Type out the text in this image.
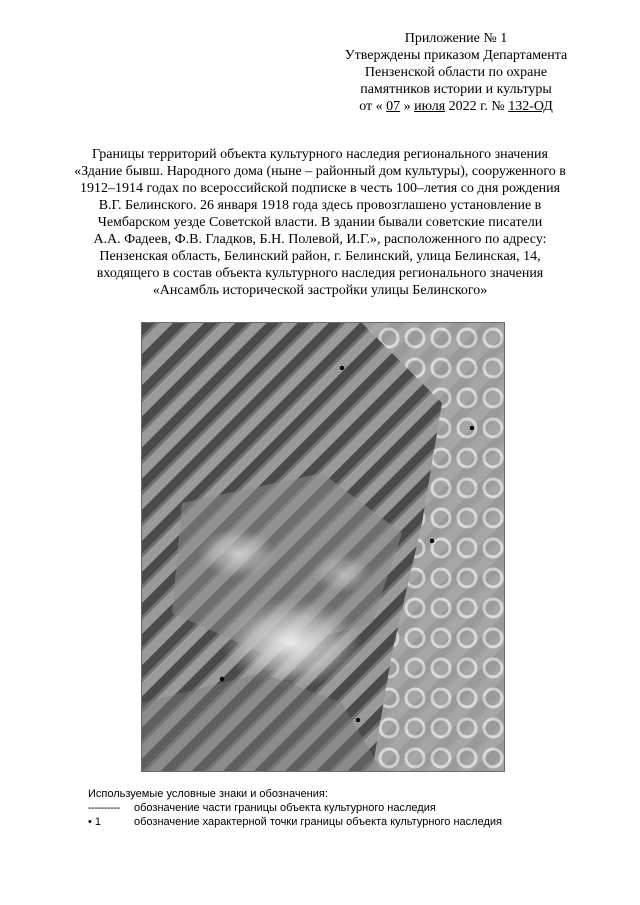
Приложение № 1
Утверждены приказом Департамента
Пензенской области по охране
памятников истории и культуры
от « 07 » июля 2022 г. № 132-ОД
Границы территорий объекта культурного наследия регионального значения
«Здание бывш. Народного дома (ныне – районный дом культуры), сооруженного в
1912–1914 годах по всероссийской подписке в честь 100–летия со дня рождения
В.Г. Белинского. 26 января 1918 года здесь провозглашено установление в
Чембарском уезде Советской власти. В здании бывали советские писатели
А.А. Фадеев, Ф.В. Гладков, Б.Н. Полевой, И.Г.», расположенного по адресу:
Пензенская область, Белинский район, г. Белинский, улица Белинская, 14,
входящего в состав объекта культурного наследия регионального значения
«Ансамбль исторической застройки улицы Белинского»
Используемые условные знаки и обозначения:
---------- обозначение части границы объекта культурного наследия
• 1	обозначение характерной точки границы объекта культурного наследия
